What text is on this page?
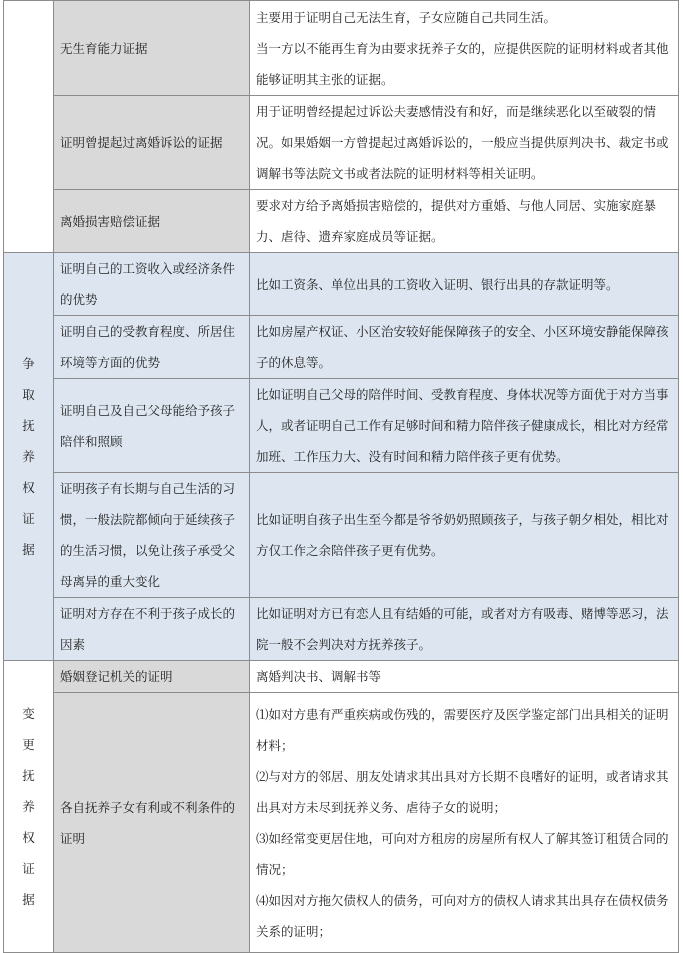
	无生育能力证据	主要用于证明自己无法生育，子女应随自己共同生活。
当一方以不能再生育为由要求抚养子女的，应提供医院的证明材料或者其他能够证明其主张的证据。

	证明曾提起过离婚诉讼的证据	用于证明曾经提起过诉讼夫妻感情没有和好，而是继续恶化以至破裂的情况。如果婚姻一方曾提起过离婚诉讼的，一般应当提供原判决书、裁定书或调解书等法院文书或者法院的证明材料等相关证明。

	离婚损害赔偿证据	要求对方给予离婚损害赔偿的，提供对方重婚、与他人同居、实施家庭暴力、虐待、遗弃家庭成员等证据。

争取抚养权证据	证明自己的工资收入或经济条件的优势	比如工资条、单位出具的工资收入证明、银行出具的存款证明等。

	证明自己的受教育程度、所居住环境等方面的优势	比如房屋产权证、小区治安较好能保障孩子的安全、小区环境安静能保障孩子的休息等。

	证明自己及自己父母能给予孩子陪伴和照顾	比如证明自己父母的陪伴时间、受教育程度、身体状况等方面优于对方当事人，或者证明自己工作有足够时间和精力陪伴孩子健康成长，相比对方经常加班、工作压力大、没有时间和精力陪伴孩子更有优势。

	证明孩子有长期与自己生活的习惯，一般法院都倾向于延续孩子的生活习惯，以免让孩子承受父母离异的重大变化	比如证明自孩子出生至今都是爷爷奶奶照顾孩子，与孩子朝夕相处，相比对方仅工作之余陪伴孩子更有优势。

	证明对方存在不利于孩子成长的因素	比如证明对方已有恋人且有结婚的可能，或者对方有吸毒、赌博等恶习，法院一般不会判决对方抚养孩子。

变更抚养权证据	婚姻登记机关的证明	离婚判决书、调解书等

	各自抚养子女有利或不利条件的证明	⑴如对方患有严重疾病或伤残的，需要医疗及医学鉴定部门出具相关的证明材料；
⑵与对方的邻居、朋友处请求其出具对方长期不良嗜好的证明，或者请求其出具对方未尽到抚养义务、虐待子女的说明；
⑶如经常变更居住地，可向对方租房的房屋所有权人了解其签订租赁合同的情况；
⑷如因对方拖欠债权人的债务，可向对方的债权人请求其出具存在债权债务关系的证明；
